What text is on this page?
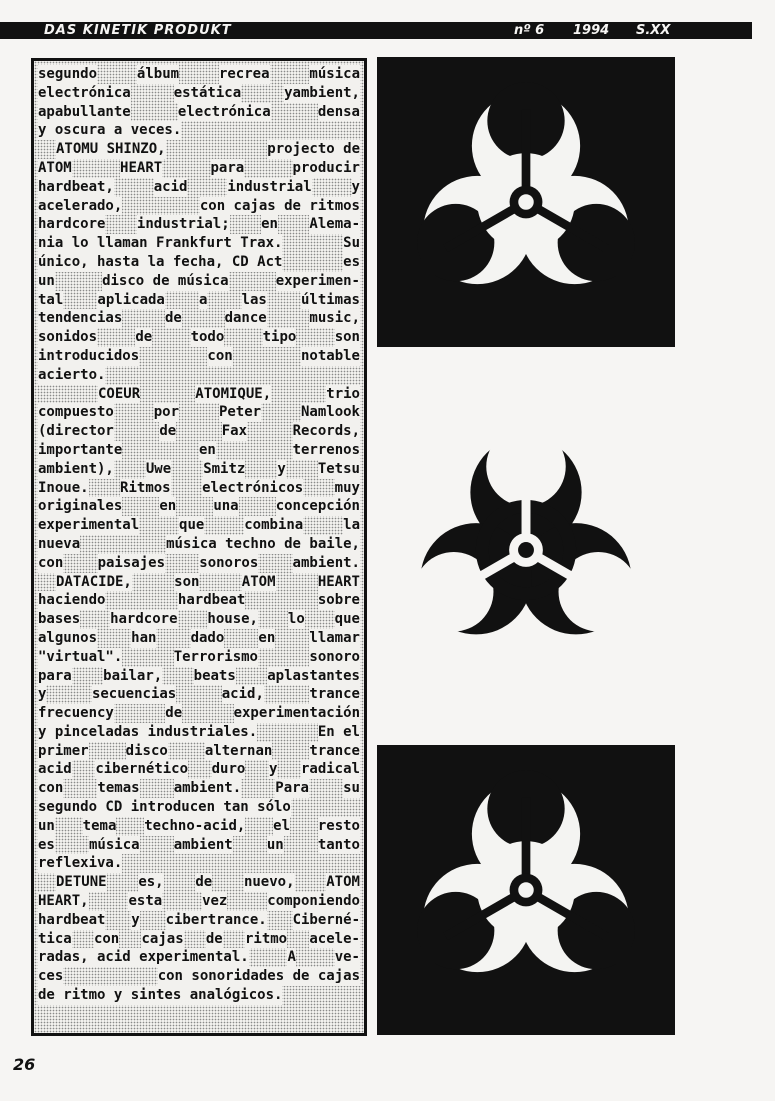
DAS KINETIK PRODUKT	nº 6 1994 S.XX
segundo	álbum	recrea	música
electrónica	estática	yambient,
apabullante	electrónica	densa
y oscura a veces.
ATOMU SHINZO,	projecto de
ATOM	HEART	para	producir
hardbeat,	acid	industrial	y
acelerado,	con cajas de ritmos
hardcore industrial; en Alema-
nia lo llaman Frankfurt Trax.	Su
único, hasta la fecha, CD Act	es
un	disco de música	experimen-
tal aplicada a las últimas
tendencias	de	dance	music,
sonidos	de	todo	tipo	son
introducidos	con	notable
acierto.
COEUR	ATOMIQUE,	trio
compuesto	por	Peter	Namlook
(director	de	Fax	Records,
importante	en	terrenos
ambient), Uwe Smitz y Tetsu
Inoue. Ritmos electrónicos muy
originales	en	una	concepción
experimental	que	combina	la
nueva	música techno de baile,
con paisajes sonoros ambient.
DATACIDE,	son	ATOM	HEART
haciendo	hardbeat	sobre
bases hardcore house, lo que
algunos han dado en llamar
"virtual".	Terrorismo	sonoro
para bailar, beats aplastantes
y	secuencias	acid,	trance
frecuency	de	experimentación
y pinceladas industriales.	En el
primer	disco	alternan	trance
acid cibernético duro y radical
con temas ambient. Para su
segundo CD introducen tan sólo
un tema techno-acid, el resto
es música ambient un tanto
reflexiva.
DETUNE es, de nuevo, ATOM
HEART,	esta	vez	componiendo
hardbeat y cibertrance. Ciberné-
tica con cajas de ritmo acele-
radas, acid experimental.	A	ve-
ces	con sonoridades de cajas
de ritmo y sintes analógicos.
26
